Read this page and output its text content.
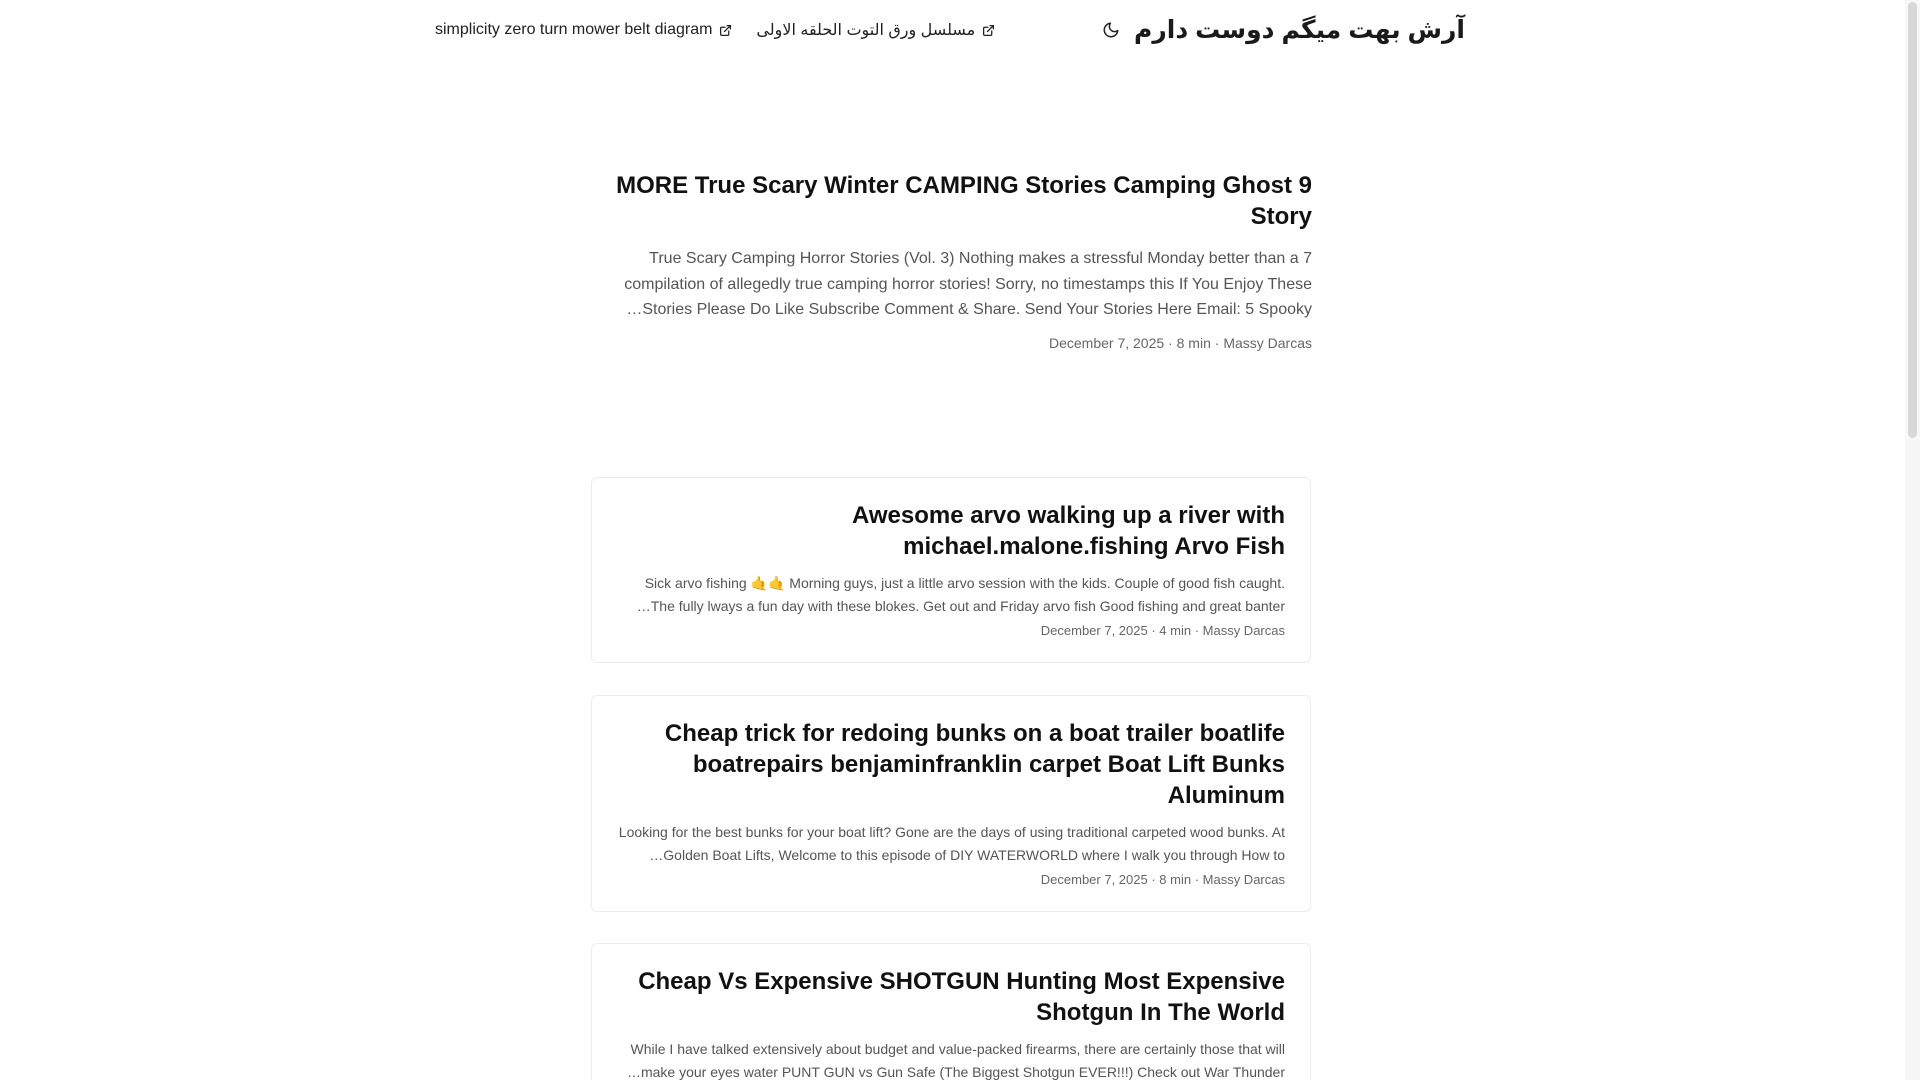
آرش بهت میگم دوست دارم
مسلسل ورق التوت الحلقه الاولى
simplicity zero turn mower belt diagram
9 MORE True Scary Winter CAMPING Stories Camping Ghost Story

7 True Scary Camping Horror Stories (Vol. 3) Nothing makes a stressful Monday better than a compilation of allegedly true camping horror stories! Sorry, no timestamps this If You Enjoy These Stories Please Do Like Subscribe Comment & Share. Send Your Stories Here Email: 5 Spooky…

December 7, 2025 · 8 min · Massy Darcas
Awesome arvo walking up a river with michael.malone.fishing Arvo Fish

Sick arvo fishing 🤙🤙 Morning guys, just a little arvo session with the kids. Couple of good fish caught. The fully lways a fun day with these blokes. Get out and Friday arvo fish Good fishing and great banter…

December 7, 2025 · 4 min · Massy Darcas
Cheap trick for redoing bunks on a boat trailer boatlife boatrepairs benjaminfranklin carpet Boat Lift Bunks Aluminum

Looking for the best bunks for your boat lift? Gone are the days of using traditional carpeted wood bunks. At Golden Boat Lifts, Welcome to this episode of DIY WATERWORLD where I walk you through How to…

December 7, 2025 · 8 min · Massy Darcas
Cheap Vs Expensive SHOTGUN Hunting Most Expensive Shotgun In The World

While I have talked extensively about budget and value-packed firearms, there are certainly those that will make your eyes water PUNT GUN vs Gun Safe (The Biggest Shotgun EVER!!!) Check out War Thunder…
